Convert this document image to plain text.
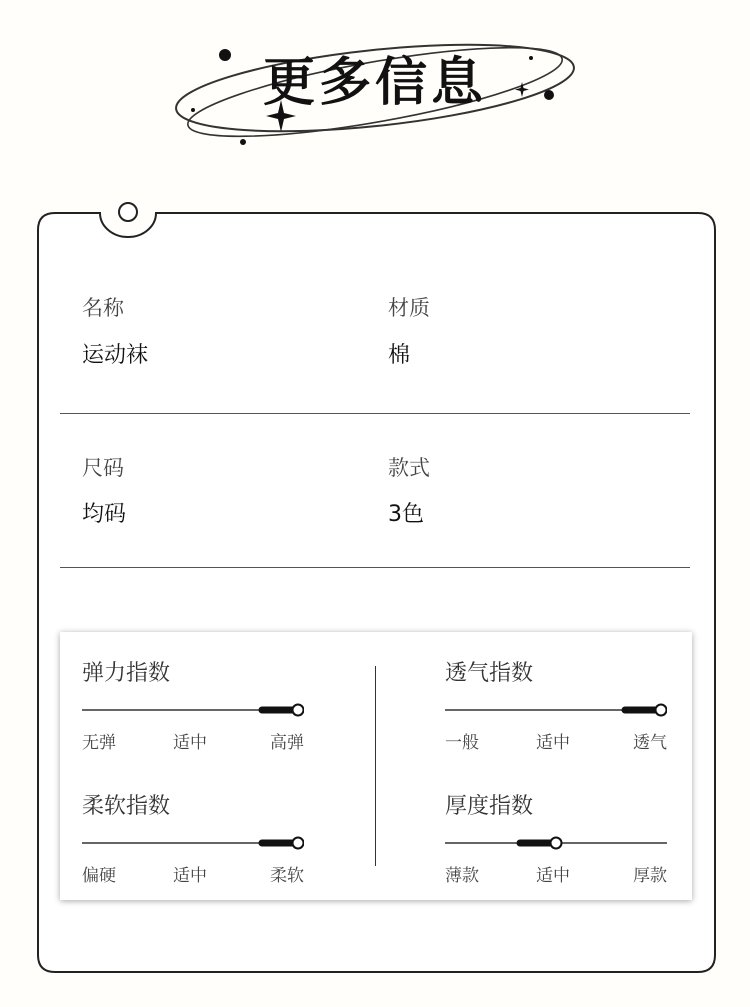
更多信息
名称
运动袜
材质
棉
尺码
均码
款式
3色
弹力指数
无弹	适中	高弹
透气指数
一般	适中	透气
柔软指数
偏硬	适中	柔软
厚度指数
薄款	适中	厚款
